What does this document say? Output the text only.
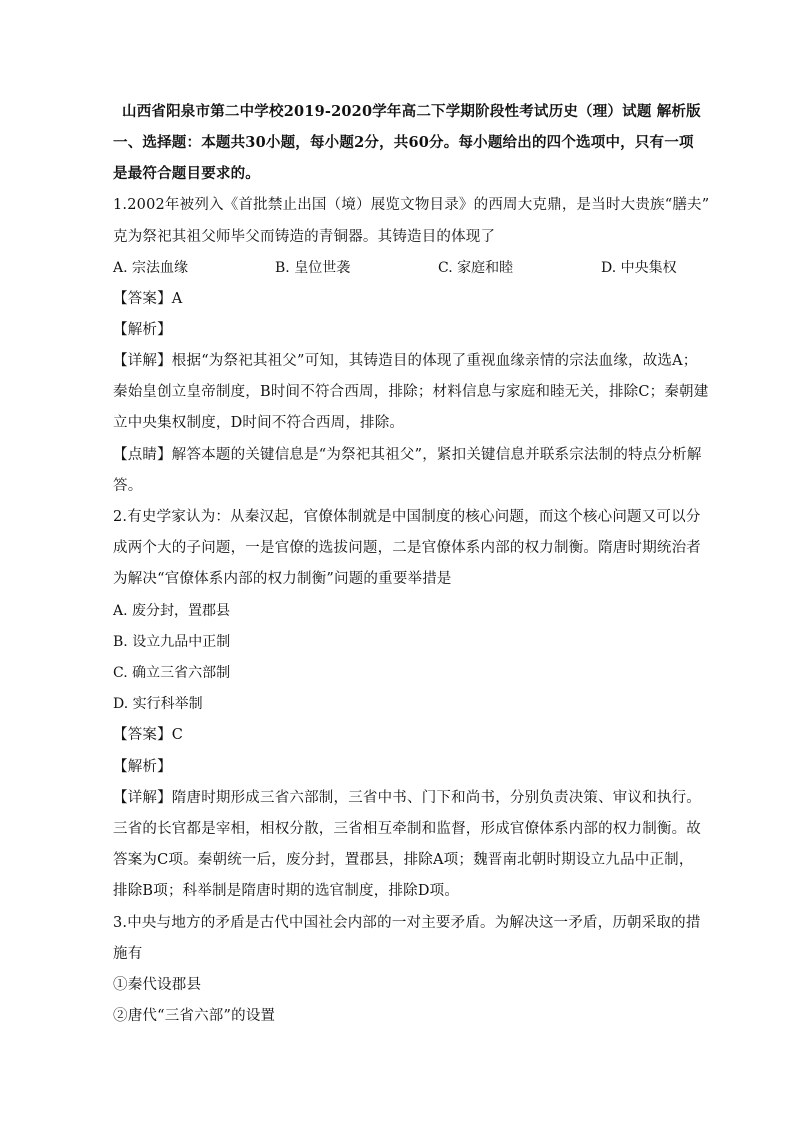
山西省阳泉市第二中学校2019-2020学年高二下学期阶段性考试历史（理）试题 解析版
一、选择题：本题共30小题，每小题2分，共60分。每小题给出的四个选项中，只有一项
是最符合题目要求的。
1.2002年被列入《首批禁止出国（境）展览文物目录》的西周大克鼎，是当时大贵族“膳夫”
克为祭祀其祖父师毕父而铸造的青铜器。其铸造目的体现了
A. 宗法血缘	B. 皇位世袭	C. 家庭和睦	D. 中央集权
【答案】A
【解析】
【详解】根据“为祭祀其祖父”可知，其铸造目的体现了重视血缘亲情的宗法血缘，故选A；
秦始皇创立皇帝制度，B时间不符合西周，排除；材料信息与家庭和睦无关，排除C；秦朝建
立中央集权制度，D时间不符合西周，排除。
【点睛】解答本题的关键信息是“为祭祀其祖父”，紧扣关键信息并联系宗法制的特点分析解
答。
2.有史学家认为：从秦汉起，官僚体制就是中国制度的核心问题，而这个核心问题又可以分
成两个大的子问题，一是官僚的选拔问题，二是官僚体系内部的权力制衡。隋唐时期统治者
为解决“官僚体系内部的权力制衡”问题的重要举措是
A. 废分封，置郡县
B. 设立九品中正制
C. 确立三省六部制
D. 实行科举制
【答案】C
【解析】
【详解】隋唐时期形成三省六部制，三省中书、门下和尚书，分别负责决策、审议和执行。
三省的长官都是宰相，相权分散，三省相互牵制和监督，形成官僚体系内部的权力制衡。故
答案为C项。秦朝统一后，废分封，置郡县，排除A项；魏晋南北朝时期设立九品中正制，
排除B项；科举制是隋唐时期的选官制度，排除D项。
3.中央与地方的矛盾是古代中国社会内部的一对主要矛盾。为解决这一矛盾，历朝采取的措
施有
①秦代设郡县
②唐代“三省六部”的设置
